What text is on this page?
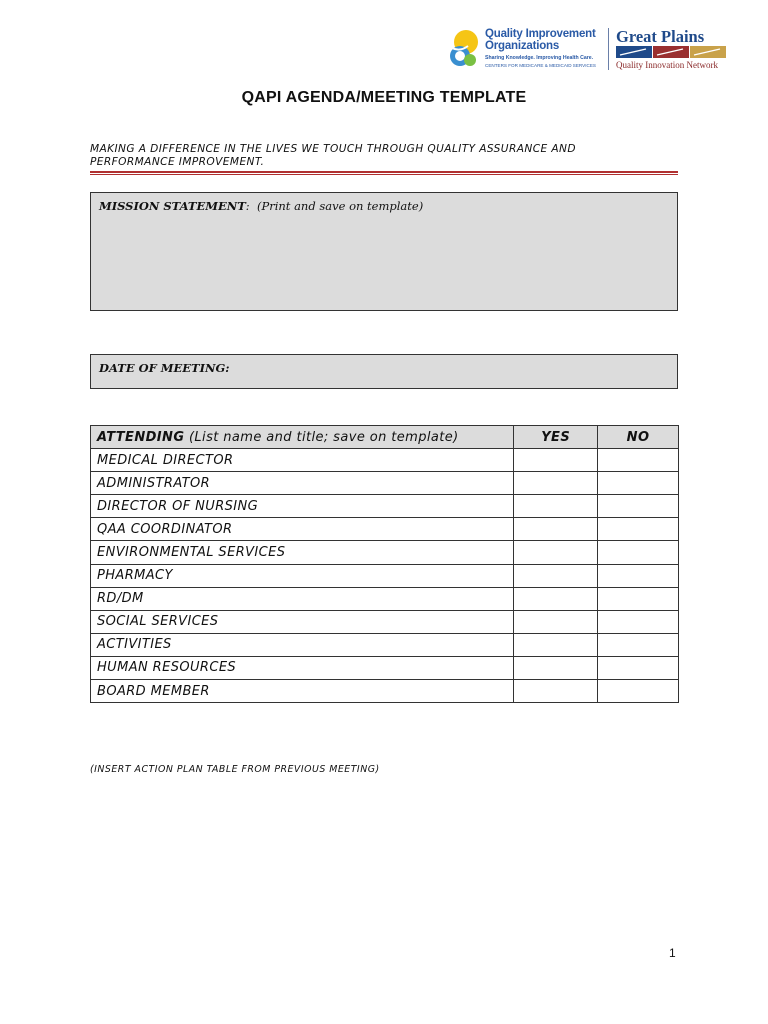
Quality Improvement
Organizations
Sharing Knowledge. Improving Health Care.
CENTERS FOR MEDICARE & MEDICAID SERVICES
Great Plains
Quality Innovation Network
QAPI AGENDA/MEETING TEMPLATE
MAKING A DIFFERENCE IN THE LIVES WE TOUCH THROUGH QUALITY ASSURANCE AND PERFORMANCE IMPROVEMENT.
MISSION STATEMENT: (Print and save on template)
DATE OF MEETING:
ATTENDING (List name and title; save on template)	YES	NO
MEDICAL DIRECTOR		
ADMINISTRATOR		
DIRECTOR OF NURSING		
QAA COORDINATOR		
ENVIRONMENTAL SERVICES		
PHARMACY		
RD/DM		
SOCIAL SERVICES		
ACTIVITIES		
HUMAN RESOURCES		
BOARD MEMBER		
(INSERT ACTION PLAN TABLE FROM PREVIOUS MEETING)
1
